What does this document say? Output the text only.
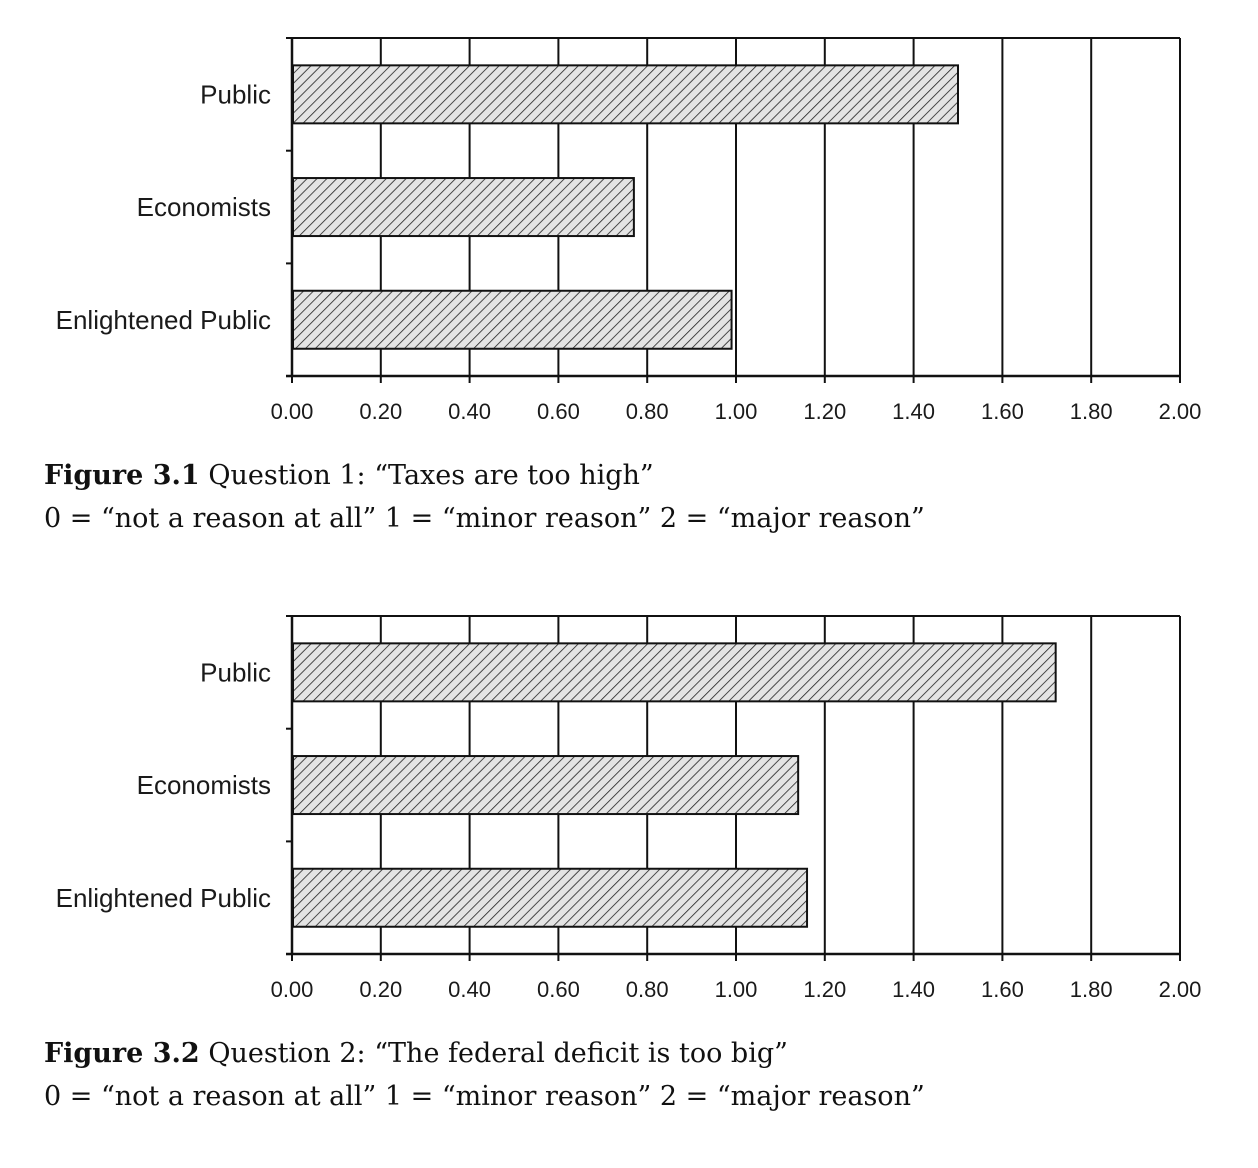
0.00 0.20 0.40 0.60 0.80 1.00 1.20 1.40 1.60 1.80 2.00
Public
Economists
Enlightened Public
Figure 3.1 Question 1: “Taxes are too high”
0 = “not a reason at all” 1 = “minor reason” 2 = “major reason”
0.00 0.20 0.40 0.60 0.80 1.00 1.20 1.40 1.60 1.80 2.00
Public
Economists
Enlightened Public
Figure 3.2 Question 2: “The federal deficit is too big”
0 = “not a reason at all” 1 = “minor reason” 2 = “major reason”
